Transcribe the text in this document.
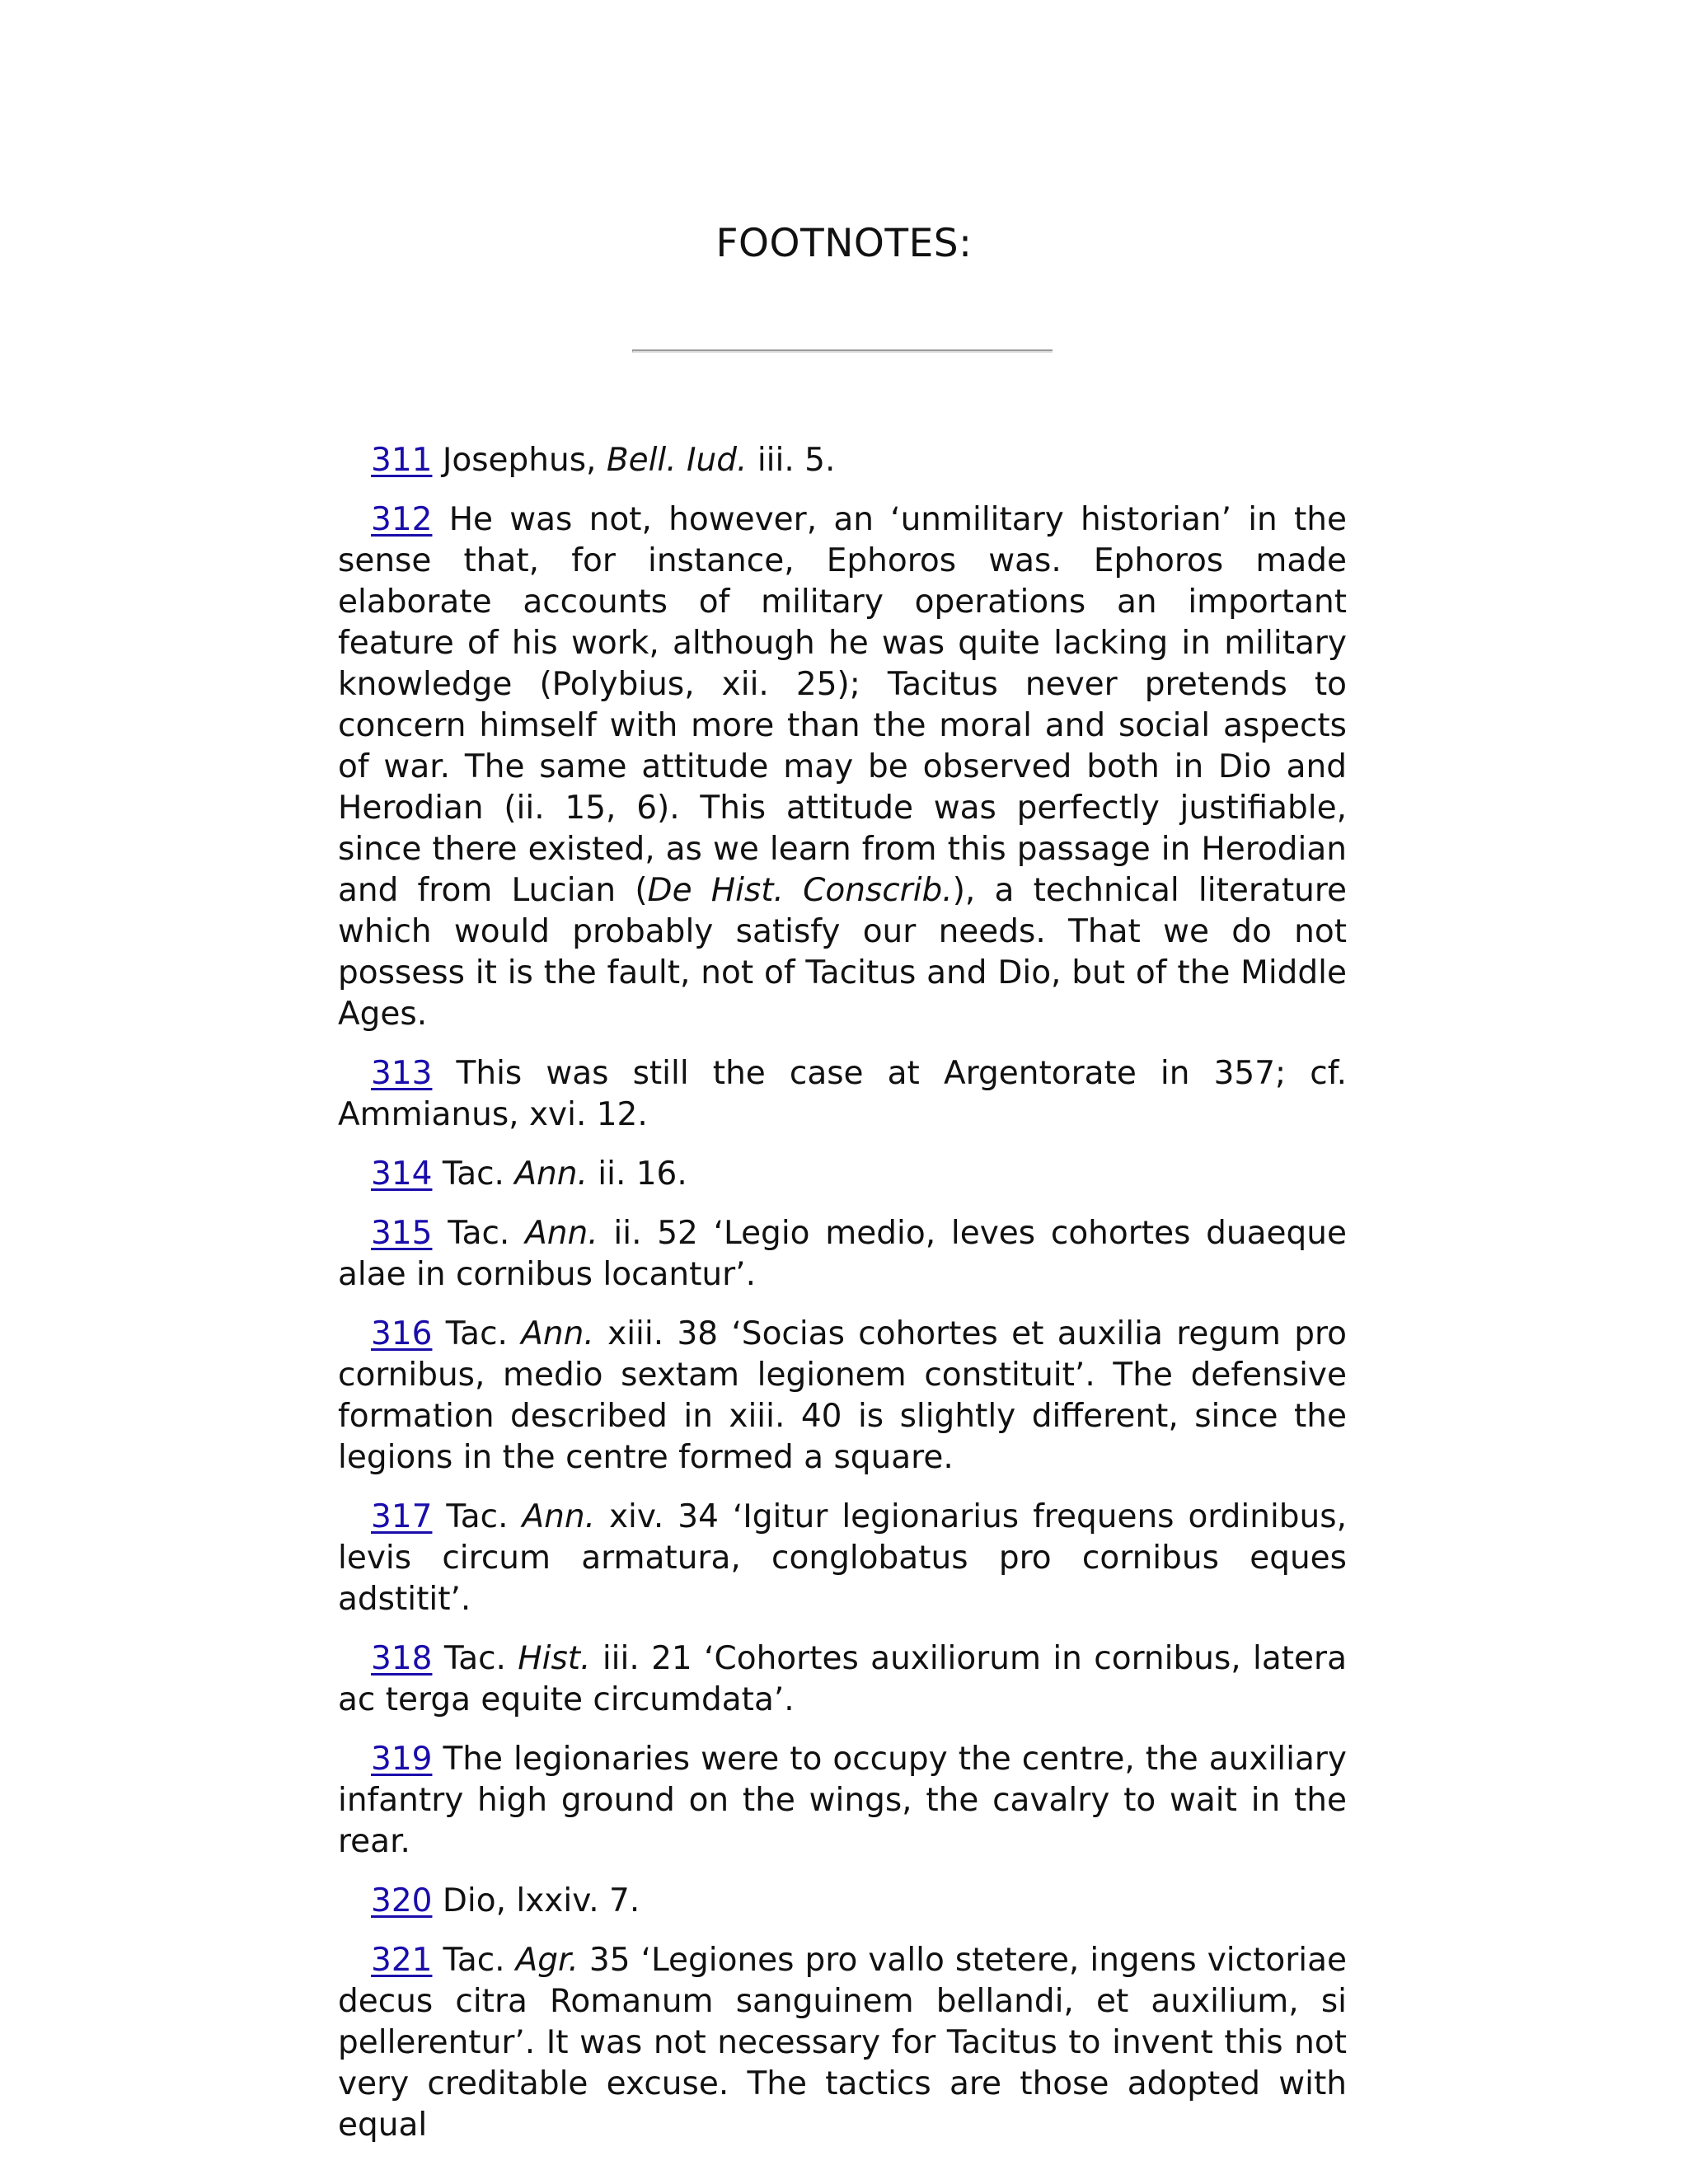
FOOTNOTES:

311 Josephus, Bell. Iud. iii. 5.

312 He was not, however, an ‘unmilitary historian’ in the sense that, for instance, Ephoros was. Ephoros made elaborate accounts of military operations an important feature of his work, although he was quite lacking in military knowledge (Polybius, xii. 25); Tacitus never pretends to concern himself with more than the moral and social aspects of war. The same attitude may be observed both in Dio and Herodian (ii. 15, 6). This attitude was perfectly justifiable, since there existed, as we learn from this passage in Herodian and from Lucian (De Hist. Conscrib.), a technical literature which would probably satisfy our needs. That we do not possess it is the fault, not of Tacitus and Dio, but of the Middle Ages.

313 This was still the case at Argentorate in 357; cf. Ammianus, xvi. 12.

314 Tac. Ann. ii. 16.

315 Tac. Ann. ii. 52 ‘Legio medio, leves cohortes duaeque alae in cornibus locantur’.

316 Tac. Ann. xiii. 38 ‘Socias cohortes et auxilia regum pro cornibus, medio sextam legionem constituit’. The defensive formation described in xiii. 40 is slightly different, since the legions in the centre formed a square.

317 Tac. Ann. xiv. 34 ‘Igitur legionarius frequens ordinibus, levis circum armatura, conglobatus pro cornibus eques adstitit’.

318 Tac. Hist. iii. 21 ‘Cohortes auxiliorum in cornibus, latera ac terga equite circumdata’.

319 The legionaries were to occupy the centre, the auxiliary infantry high ground on the wings, the cavalry to wait in the rear.

320 Dio, lxxiv. 7.

321 Tac. Agr. 35 ‘Legiones pro vallo stetere, ingens victoriae decus citra Romanum sanguinem bellandi, et auxilium, si pellerentur’. It was not necessary for Tacitus to invent this not very creditable excuse. The tactics are those adopted with equal
